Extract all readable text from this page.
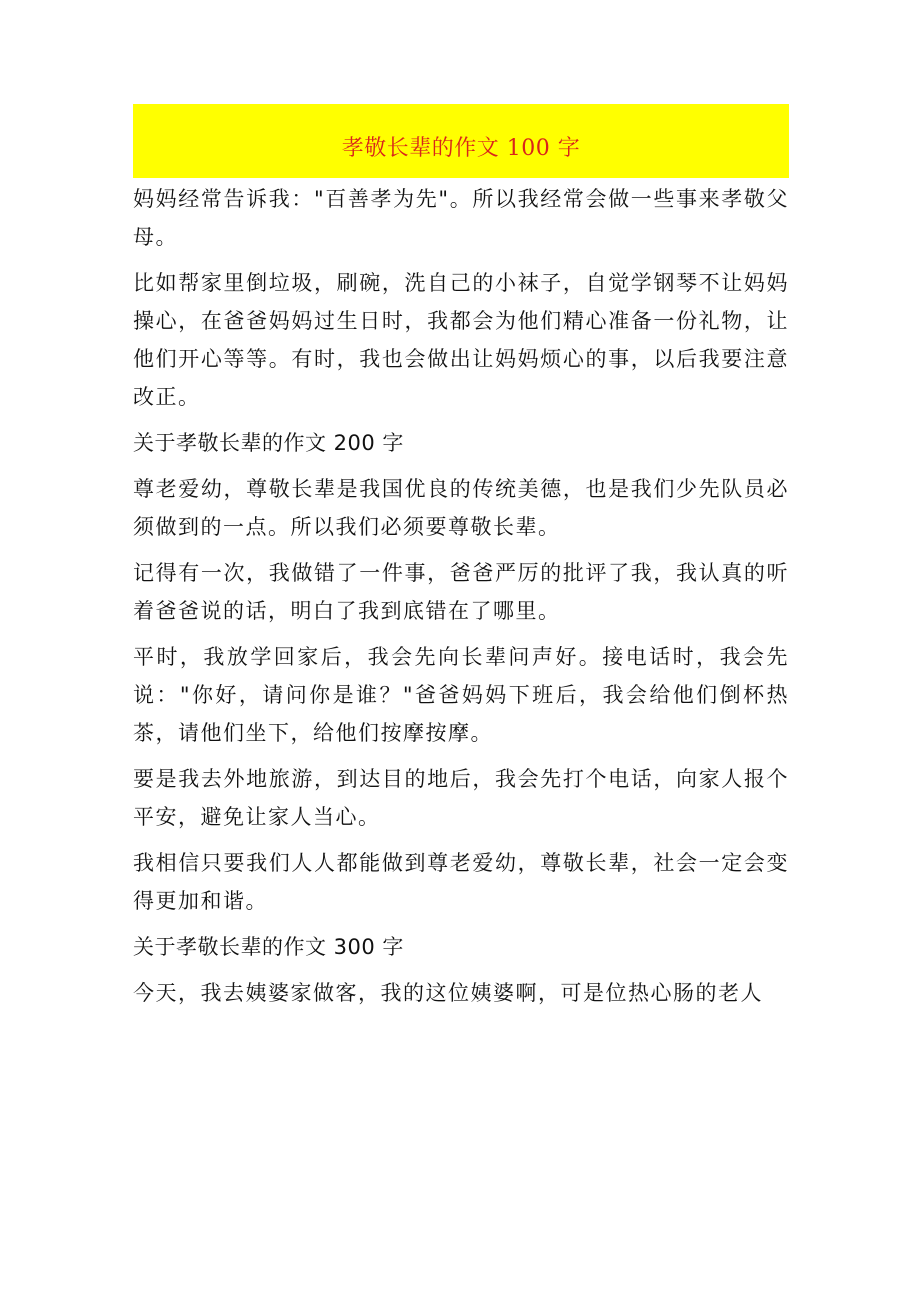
孝敬长辈的作文 100 字

妈妈经常告诉我："百善孝为先"。所以我经常会做一些事来孝敬父母。

比如帮家里倒垃圾，刷碗，洗自己的小袜子，自觉学钢琴不让妈妈操心，在爸爸妈妈过生日时，我都会为他们精心准备一份礼物，让他们开心等等。有时，我也会做出让妈妈烦心的事，以后我要注意改正。

关于孝敬长辈的作文 200 字

尊老爱幼，尊敬长辈是我国优良的传统美德，也是我们少先队员必须做到的一点。所以我们必须要尊敬长辈。

记得有一次，我做错了一件事，爸爸严厉的批评了我，我认真的听着爸爸说的话，明白了我到底错在了哪里。

平时，我放学回家后，我会先向长辈问声好。接电话时，我会先说："你好，请问你是谁？"爸爸妈妈下班后，我会给他们倒杯热茶，请他们坐下，给他们按摩按摩。

要是我去外地旅游，到达目的地后，我会先打个电话，向家人报个平安，避免让家人当心。

我相信只要我们人人都能做到尊老爱幼，尊敬长辈，社会一定会变得更加和谐。

关于孝敬长辈的作文 300 字

今天，我去姨婆家做客，我的这位姨婆啊，可是位热心肠的老人
